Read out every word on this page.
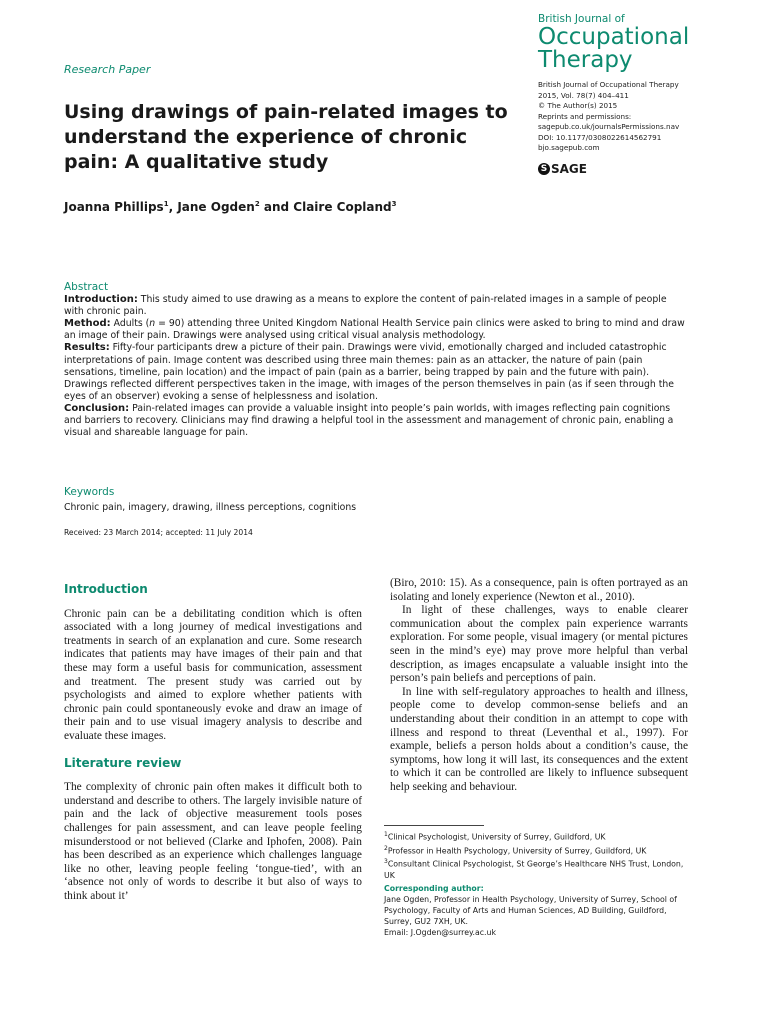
Research Paper
British Journal of
Occupational
Therapy
British Journal of Occupational Therapy
2015, Vol. 78(7) 404–411
© The Author(s) 2015
Reprints and permissions:
sagepub.co.uk/journalsPermissions.nav
DOI: 10.1177/0308022614562791
bjo.sagepub.com
S SAGE
Using drawings of pain-related images to understand the experience of chronic pain: A qualitative study
Joanna Phillips$^1$, Jane Ogden$^2$ and Claire Copland$^3$
Abstract

Introduction: This study aimed to use drawing as a means to explore the content of pain-related images in a sample of people with chronic pain.

Method: Adults (n = 90) attending three United Kingdom National Health Service pain clinics were asked to bring to mind and draw an image of their pain. Drawings were analysed using critical visual analysis methodology.

Results: Fifty-four participants drew a picture of their pain. Drawings were vivid, emotionally charged and included catastrophic interpretations of pain. Image content was described using three main themes: pain as an attacker, the nature of pain (pain sensations, timeline, pain location) and the impact of pain (pain as a barrier, being trapped by pain and the future with pain). Drawings reflected different perspectives taken in the image, with images of the person themselves in pain (as if seen through the eyes of an observer) evoking a sense of helplessness and isolation.

Conclusion: Pain-related images can provide a valuable insight into people’s pain worlds, with images reflecting pain cognitions and barriers to recovery. Clinicians may find drawing a helpful tool in the assessment and management of chronic pain, enabling a visual and shareable language for pain.

Keywords
Chronic pain, imagery, drawing, illness perceptions, cognitions
Received: 23 March 2014; accepted: 11 July 2014
Introduction

Chronic pain can be a debilitating condition which is often associated with a long journey of medical investigations and treatments in search of an explanation and cure. Some research indicates that patients may have images of their pain and that these may form a useful basis for communication, assessment and treatment. The present study was carried out by psychologists and aimed to explore whether patients with chronic pain could spontaneously evoke and draw an image of their pain and to use visual imagery analysis to describe and evaluate these images.

Literature review

The complexity of chronic pain often makes it difficult both to understand and describe to others. The largely invisible nature of pain and the lack of objective measurement tools poses challenges for pain assessment, and can leave people feeling misunderstood or not believed (Clarke and Iphofen, 2008). Pain has been described as an experience which challenges language like no other, leaving people feeling ‘tongue-tied’, with an ‘absence not only of words to describe it but also of ways to think about it’

(Biro, 2010: 15). As a consequence, pain is often portrayed as an isolating and lonely experience (Newton et al., 2010).

In light of these challenges, ways to enable clearer communication about the complex pain experience warrants exploration. For some people, visual imagery (or mental pictures seen in the mind’s eye) may prove more helpful than verbal description, as images encapsulate a valuable insight into the person’s pain beliefs and perceptions of pain.

In line with self-regulatory approaches to health and illness, people come to develop common-sense beliefs and an understanding about their condition in an attempt to cope with illness and respond to threat (Leventhal et al., 1997). For example, beliefs a person holds about a condition’s cause, the symptoms, how long it will last, its consequences and the extent to which it can be controlled are likely to influence subsequent help seeking and behaviour.

$^1$Clinical Psychologist, University of Surrey, Guildford, UK
$^2$Professor in Health Psychology, University of Surrey, Guildford, UK
$^3$Consultant Clinical Psychologist, St George’s Healthcare NHS Trust, London, UK
Corresponding author:
Jane Ogden, Professor in Health Psychology, University of Surrey, School of Psychology, Faculty of Arts and Human Sciences, AD Building, Guildford, Surrey, GU2 7XH, UK.
Email: J.Ogden@surrey.ac.uk
